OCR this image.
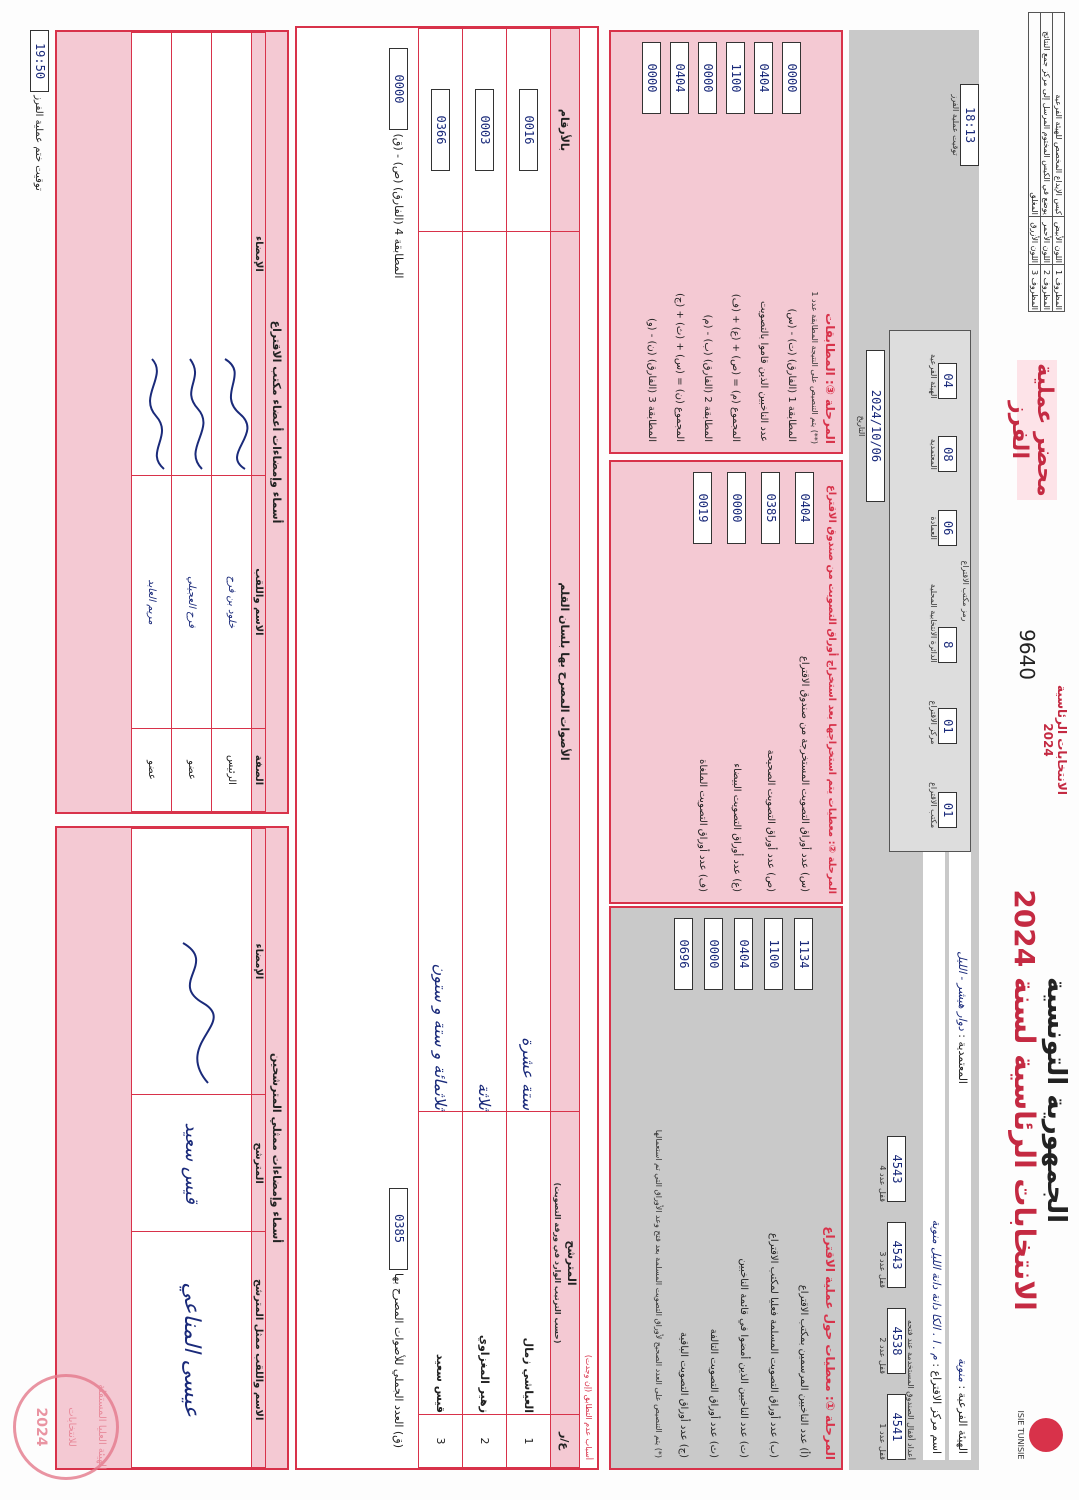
ISIE TUNISIE
الجمهورية التونسية
الانتخابات الرئاسية لسنة 2024
الانتخابات الرئاسية 2024
9640
محضر عملية الفرز
المظروف 1	اللون الأبيض	كيس الإيداع المخصص للهيئة الفرعية
المظروف 2	اللون الأحمر	يوضع في الكيس المختوم المرسل إلى مركز جمع النتائج
المظروف 3	اللون الأزرق	المغلق
الهيئة الفرعية : منوبة
اسم مركز الاقتراع : م . ا . الكا دانة دانة الليل منوبة
المعتمدية : دوار هيشر - الليل
أعداد أقفال الصندوق المستخدمة عند فتحه
4541
قفل عدد 1
4538
قفل عدد 2
4543
قفل عدد 3
4543
قفل عدد 4
رمز مكتب الاقتراع
01
مكتب الاقتراع
01
مركز الاقتراع
8
الدائرة الانتخابية المحلية
06
العمادة
08
المعتمدية
04
الهيئة الفرعية
2024/10/06
التاريخ
المرحلة ①: معطيات حول عملية الاقتراع
(أ) عدد الناخبين المرسمين بمكتب الاقتراع
1134
(ب) عدد أوراق التصويت المسلمة فعليا لمكتب الاقتراع
1100
(ت) عدد الناخبين الذين أمضوا في قائمة الناخبين
0404
(ث) عدد أوراق التصويت التالفة
0000
(ج) عدد أوراق التصويت الباقية
0696
(*) يتم التنصيص على العدد الصحيح لأوراق التصويت المسلمة بعد فتح وعد الأوراق التي تم استعمالها
المرحلة ②: معطيات يتم استخراجها بعد استخراج أوراق التصويت من صندوق الاقتراع
(س) عدد أوراق التصويت المستخرجة من صندوق الاقتراع
0404
(ص) عدد أوراق التصويت الصحيحة
0385
(ع) عدد أوراق التصويت البيضاء
0000
(ف) عدد أوراق التصويت الملغاة
0019
المرحلة ③: المطابقات
(**) يتم التنصيص على النتيجة المطابقة عدد 1
المطابقة 1 (الفارق) (ت) - (س)
0000
عدد الناخبين الذين قاموا بالتصويت
0404
المجموع (م) = (ص) + (ع) + (ف)
1100
المطابقة 2 (الفارق) (ب) - (م)
0000
المجموع (ن) = (س) + (ث) + (ج)
0404
المطابقة 3 (الفارق) (ن) - (و)
0000
18:13
توقيت عملية الفرز
أسباب عدم التطابق (إن وجدت)
ع/ر	المترشح
(حسب الترتيب الوارد في ورقة التصويت)	الأصوات المصرح بها بلسان القلم	بالأرقام
1	العياشي زمال	ستة عشرة	0016
2	زهير المغزاوي	ثلاثة	0003
3	قيس سعيد	ثلاثمائة و ستة و ستون	0366
(ق) العدد الجملي للأصوات المصرح بها 0385
المطابقة 4 (الفارق) (ص) - (ق) 0000
أسماء وإمضاءات ممثلي المترشحين
الاسم واللقب ممثل المترشح	المترشح	الإمضاء
عيسى المناعي	قيس سعيد	
أسماء وإمضاءات أعضاء مكتب الاقتراع
الصفة	الاسم واللقب	الإمضاء
الرئيس	خلود بن فرح	
عضو	فرح العجيلي	
عضو	مريم العابد	
توقيت ختم عملية الفرز 19:50
الهيئة العليا المستقلة للانتخابات
2024
